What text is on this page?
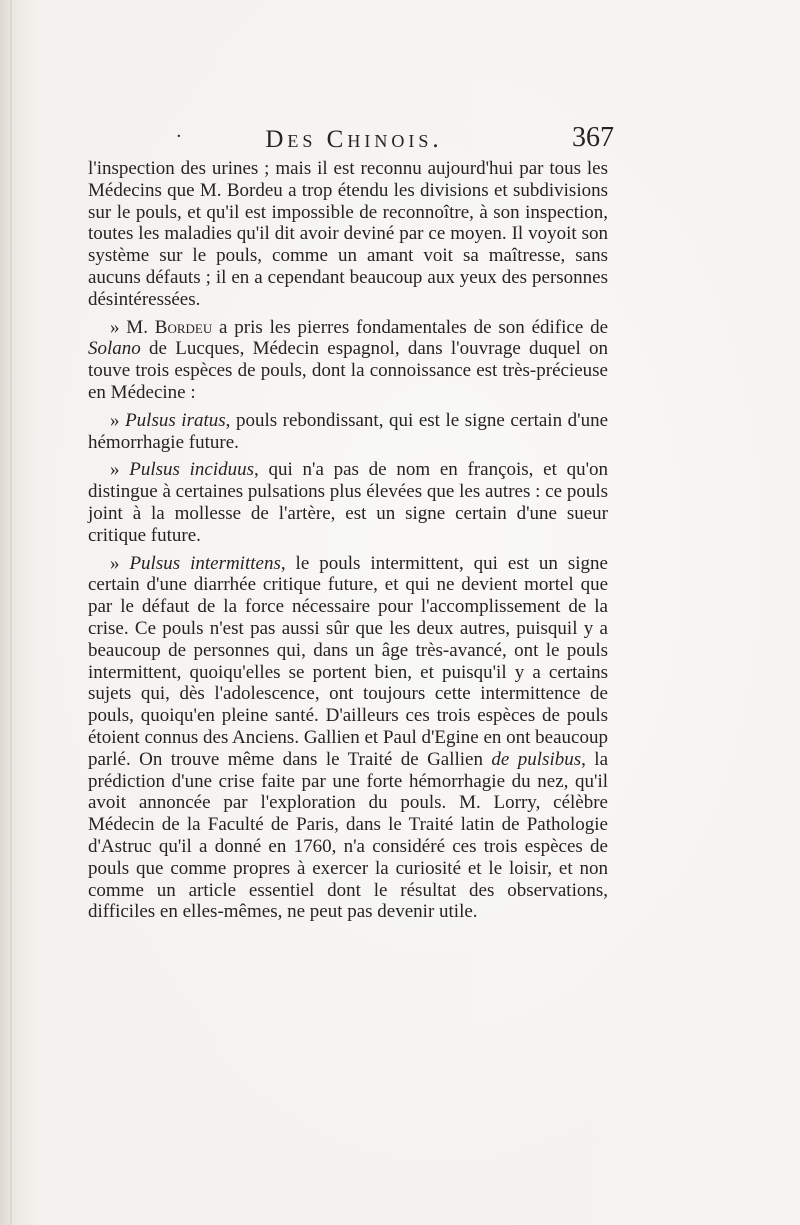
·	Des Chinois.	367

l'inspection des urines ; mais il est reconnu aujourd'hui par tous les Médecins que M. Bordeu a trop étendu les divisions et subdivisions sur le pouls, et qu'il est impossible de reconnoître, à son inspection, toutes les maladies qu'il dit avoir deviné par ce moyen. Il voyoit son système sur le pouls, comme un amant voit sa maîtresse, sans aucuns défauts ; il en a cependant beaucoup aux yeux des personnes désintéressées.

» M. Bordeu a pris les pierres fondamentales de son édifice de Solano de Lucques, Médecin espagnol, dans l'ouvrage duquel on touve trois espèces de pouls, dont la connoissance est très-précieuse en Médecine :

» Pulsus iratus, pouls rebondissant, qui est le signe certain d'une hémorrhagie future.

» Pulsus inciduus, qui n'a pas de nom en françois, et qu'on distingue à certaines pulsations plus élevées que les autres : ce pouls joint à la mollesse de l'artère, est un signe certain d'une sueur critique future.

» Pulsus intermittens, le pouls intermittent, qui est un signe certain d'une diarrhée critique future, et qui ne devient mortel que par le défaut de la force nécessaire pour l'accomplissement de la crise. Ce pouls n'est pas aussi sûr que les deux autres, puisquil y a beaucoup de personnes qui, dans un âge très-avancé, ont le pouls intermittent, quoiqu'elles se portent bien, et puisqu'il y a certains sujets qui, dès l'adolescence, ont toujours cette intermittence de pouls, quoiqu'en pleine santé. D'ailleurs ces trois espèces de pouls étoient connus des Anciens. Gallien et Paul d'Egine en ont beaucoup parlé. On trouve même dans le Traité de Gallien de pulsibus, la prédiction d'une crise faite par une forte hémorrhagie du nez, qu'il avoit annoncée par l'exploration du pouls. M. Lorry, célèbre Médecin de la Faculté de Paris, dans le Traité latin de Pathologie d'Astruc qu'il a donné en 1760, n'a considéré ces trois espèces de pouls que comme propres à exercer la curiosité et le loisir, et non comme un article essentiel dont le résultat des observations, difficiles en elles-mêmes, ne peut pas devenir utile.
